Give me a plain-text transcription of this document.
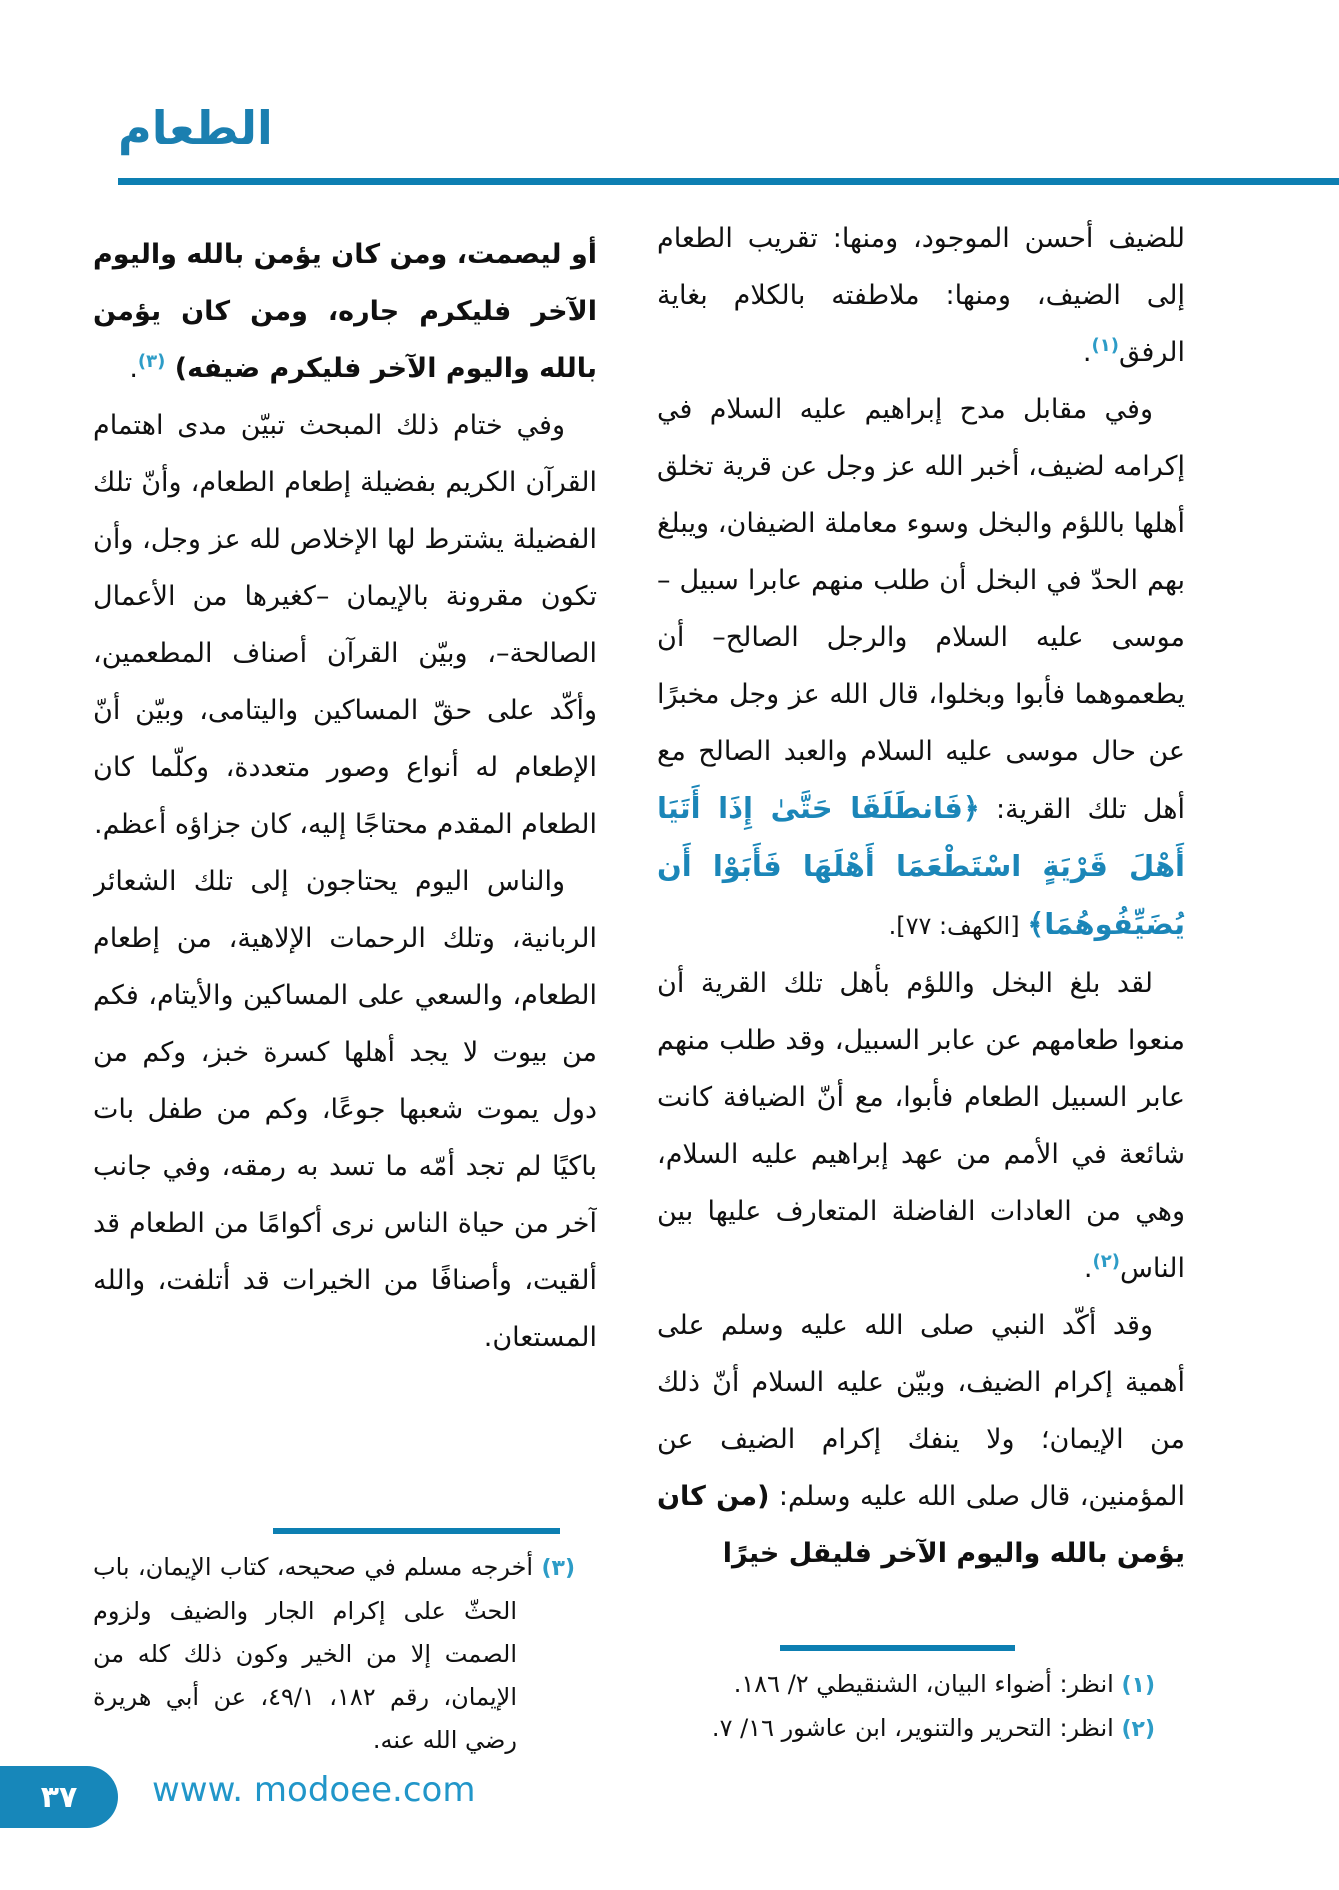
الطعام

للضيف أحسن الموجود، ومنها: تقريب الطعام إلى الضيف، ومنها: ملاطفته بالكلام بغاية الرفق$^{(١)}$.

وفي مقابل مدح إبراهيم عليه السلام في إكرامه لضيف، أخبر الله عز وجل عن قرية تخلق أهلها باللؤم والبخل وسوء معاملة الضيفان، ويبلغ بهم الحدّ في البخل أن طلب منهم عابرا سبيل –موسى عليه السلام والرجل الصالح– أن يطعموهما فأبوا وبخلوا، قال الله عز وجل مخبرًا عن حال موسى عليه السلام والعبد الصالح مع أهل تلك القرية: ﴿فَانطَلَقَا حَتَّىٰ إِذَا أَتَيَا أَهْلَ قَرْيَةٍ اسْتَطْعَمَا أَهْلَهَا فَأَبَوْا أَن يُضَيِّفُوهُمَا﴾ [الكهف: ٧٧].

لقد بلغ البخل واللؤم بأهل تلك القرية أن منعوا طعامهم عن عابر السبيل، وقد طلب منهم عابر السبيل الطعام فأبوا، مع أنّ الضيافة كانت شائعة في الأمم من عهد إبراهيم عليه السلام، وهي من العادات الفاضلة المتعارف عليها بين الناس$^{(٢)}$.

وقد أكّد النبي صلى الله عليه وسلم على أهمية إكرام الضيف، وبيّن عليه السلام أنّ ذلك من الإيمان؛ ولا ينفك إكرام الضيف عن المؤمنين، قال صلى الله عليه وسلم: (من كان يؤمن بالله واليوم الآخر فليقل خيرًا

أو ليصمت، ومن كان يؤمن بالله واليوم الآخر فليكرم جاره، ومن كان يؤمن بالله واليوم الآخر فليكرم ضيفه) $^{(٣)}$.

وفي ختام ذلك المبحث تبيّن مدى اهتمام القرآن الكريم بفضيلة إطعام الطعام، وأنّ تلك الفضيلة يشترط لها الإخلاص لله عز وجل، وأن تكون مقرونة بالإيمان –كغيرها من الأعمال الصالحة–، وبيّن القرآن أصناف المطعمين، وأكّد على حقّ المساكين واليتامى، وبيّن أنّ الإطعام له أنواع وصور متعددة، وكلّما كان الطعام المقدم محتاجًا إليه، كان جزاؤه أعظم.

والناس اليوم يحتاجون إلى تلك الشعائر الربانية، وتلك الرحمات الإلاهية، من إطعام الطعام، والسعي على المساكين والأيتام، فكم من بيوت لا يجد أهلها كسرة خبز، وكم من دول يموت شعبها جوعًا، وكم من طفل بات باكيًا لم تجد أمّه ما تسد به رمقه، وفي جانب آخر من حياة الناس نرى أكوامًا من الطعام قد ألقيت، وأصنافًا من الخيرات قد أتلفت، والله المستعان.

(١) انظر: أضواء البيان، الشنقيطي ٢/ ١٨٦.
(٢) انظر: التحرير والتنوير، ابن عاشور ١٦/ ٧.
(٣) أخرجه مسلم في صحيحه، كتاب الإيمان، باب الحثّ على إكرام الجار والضيف ولزوم الصمت إلا من الخير وكون ذلك كله من الإيمان، رقم ١٨٢، ٤٩/١، عن أبي هريرة رضي الله عنه.
٣٧ www. modoee.com
